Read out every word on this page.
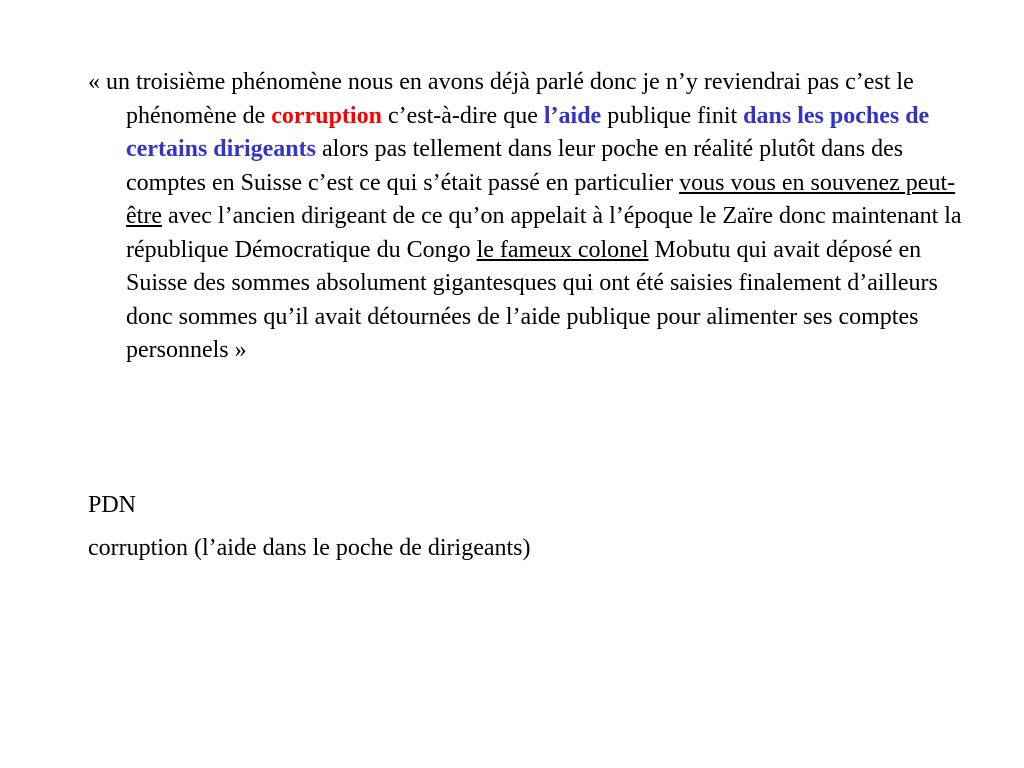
« un troisième phénomène nous en avons déjà parlé donc je n’y reviendrai pas c’est le phénomène de corruption c’est-à-dire que l’aide publique finit dans les poches de certains dirigeants alors pas tellement dans leur poche en réalité plutôt dans des comptes en Suisse c’est ce qui s’était passé en particulier vous vous en souvenez peut-être avec l’ancien dirigeant de ce qu’on appelait à l’époque le Zaïre donc maintenant la république Démocratique du Congo le fameux colonel Mobutu qui avait déposé en Suisse des sommes absolument gigantesques qui ont été saisies finalement d’ailleurs donc sommes qu’il avait détournées de l’aide publique pour alimenter ses comptes personnels »

PDN

corruption (l’aide dans le poche de dirigeants)
